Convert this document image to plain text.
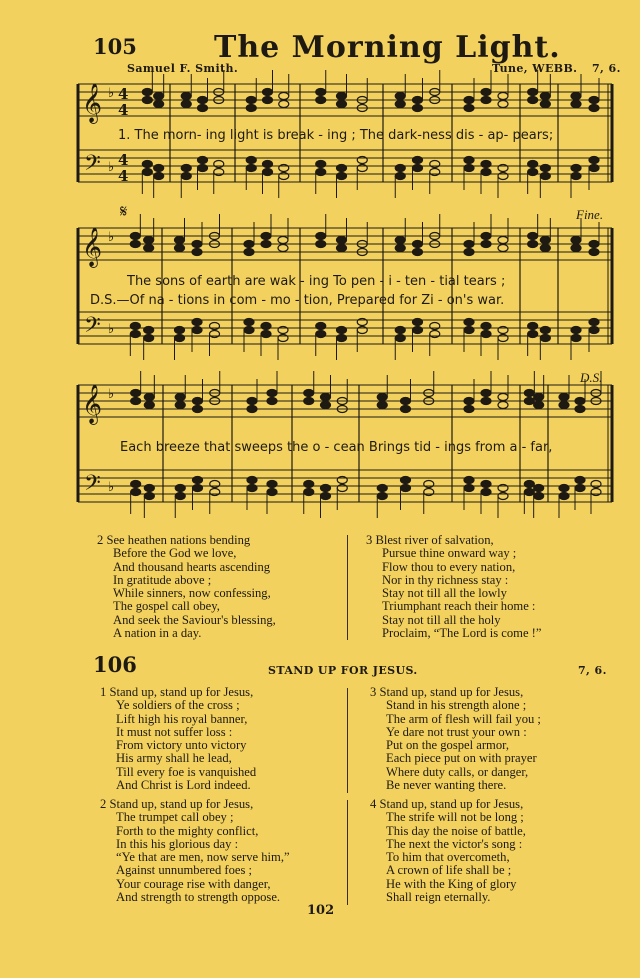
105	The Morning Light.
Samuel F. Smith.	Tune, WEBB. 7, 6.
𝄞
𝄢
♭
♭
4
4
4
4
𝄞
𝄢
♭
♭
𝄞
𝄢
♭
♭
𝄋	Fine.
D.S.
1. The morn- ing light is break - ing ; The dark-ness dis - ap- pears;
The sons of earth are wak - ing To pen - i - ten - tial tears ;
D.S.—Of na - tions in com - mo - tion, Prepared for Zi - on's war.
Each breeze that sweeps the o - cean Brings tid - ings from a - far,
2 See heathen nations bending
Before the God we love,
And thousand hearts ascending
In gratitude above ;
While sinners, now confessing,
The gospel call obey,
And seek the Saviour's blessing,
A nation in a day.
3 Blest river of salvation,
Pursue thine onward way ;
Flow thou to every nation,
Nor in thy richness stay :
Stay not till all the lowly
Triumphant reach their home :
Stay not till all the holy
Proclaim, “The Lord is come !”
106	STAND UP FOR JESUS.	7, 6.
1 Stand up, stand up for Jesus,
Ye soldiers of the cross ;
Lift high his royal banner,
It must not suffer loss :
From victory unto victory
His army shall he lead,
Till every foe is vanquished
And Christ is Lord indeed.
3 Stand up, stand up for Jesus,
Stand in his strength alone ;
The arm of flesh will fail you ;
Ye dare not trust your own :
Put on the gospel armor,
Each piece put on with prayer
Where duty calls, or danger,
Be never wanting there.
2 Stand up, stand up for Jesus,
The trumpet call obey ;
Forth to the mighty conflict,
In this his glorious day :
“Ye that are men, now serve him,”
Against unnumbered foes ;
Your courage rise with danger,
And strength to strength oppose.
4 Stand up, stand up for Jesus,
The strife will not be long ;
This day the noise of battle,
The next the victor's song :
To him that overcometh,
A crown of life shall be ;
He with the King of glory
Shall reign eternally.
102
